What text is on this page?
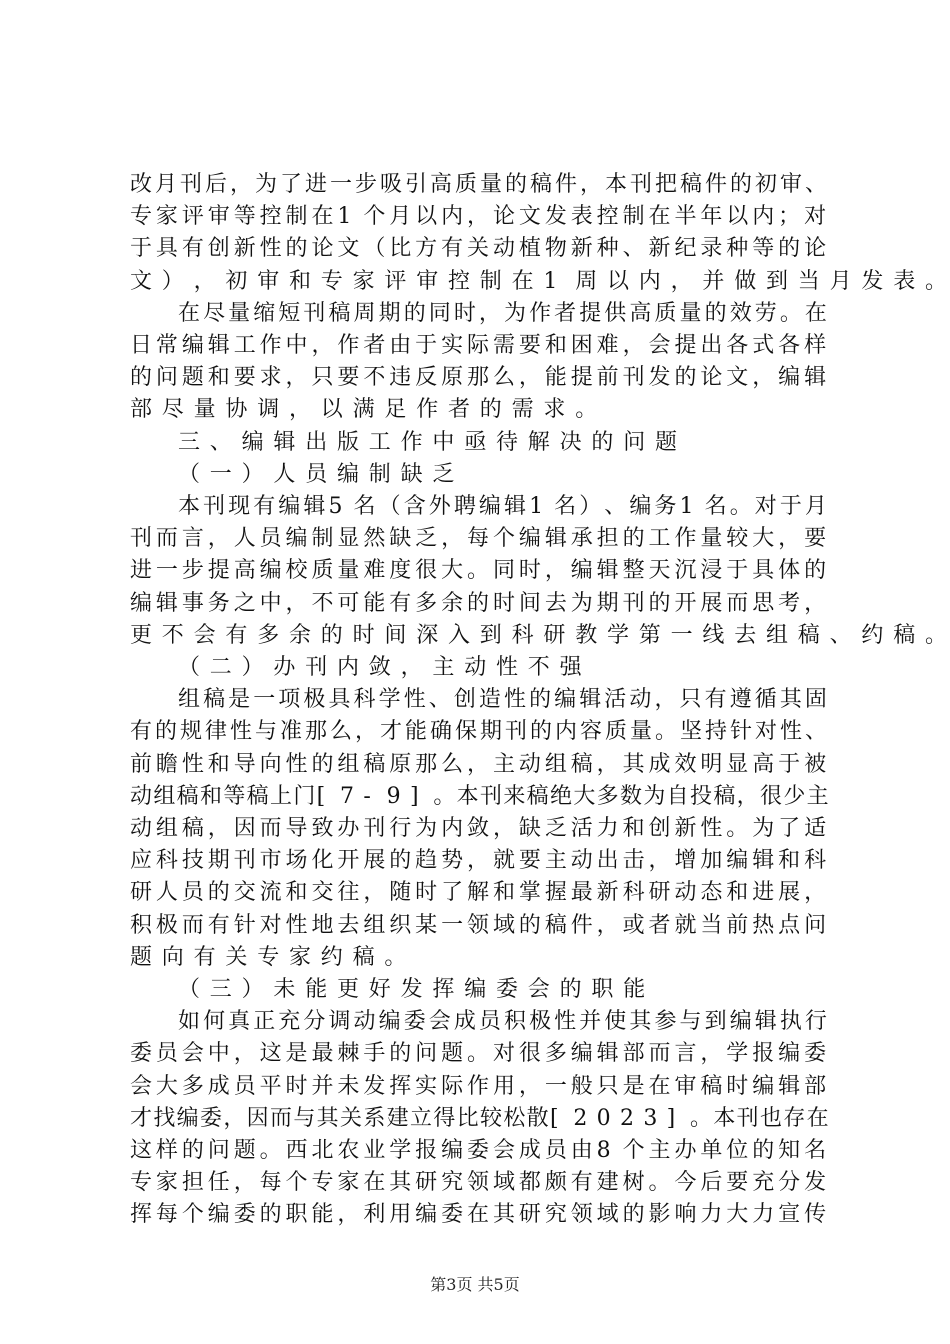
改 月 刊 后 ， 为 了 进 一 步 吸 引 高 质 量 的 稿 件 ， 本 刊 把 稿 件 的 初 审 、
专 家 评 审 等 控 制 在 1 个 月 以 内 ， 论 文 发 表 控 制 在 半 年 以 内 ； 对
于 具 有 创 新 性 的 论 文 （ 比 方 有 关 动 植 物 新 种 、 新 纪 录 种 等 的 论
文 ） ， 初 审 和 专 家 评 审 控 制 在 1 周 以 内 ， 并 做 到 当 月 发 表 。
在 尽 量 缩 短 刊 稿 周 期 的 同 时 ， 为 作 者 提 供 高 质 量 的 效 劳 。 在
日 常 编 辑 工 作 中 ， 作 者 由 于 实 际 需 要 和 困 难 ， 会 提 出 各 式 各 样
的 问 题 和 要 求 ， 只 要 不 违 反 原 那 么 ， 能 提 前 刊 发 的 论 文 ， 编 辑
部 尽 量 协 调 ， 以 满 足 作 者 的 需 求 。
三 、 编 辑 出 版 工 作 中 亟 待 解 决 的 问 题
（ 一 ） 人 员 编 制 缺 乏
本 刊 现 有 编 辑 5 名 （ 含 外 聘 编 辑 1 名 ） 、 编 务 1 名 。 对 于 月
刊 而 言 ， 人 员 编 制 显 然 缺 乏 ， 每 个 编 辑 承 担 的 工 作 量 较 大 ， 要
进 一 步 提 高 编 校 质 量 难 度 很 大 。 同 时 ， 编 辑 整 天 沉 浸 于 具 体 的
编 辑 事 务 之 中 ， 不 可 能 有 多 余 的 时 间 去 为 期 刊 的 开 展 而 思 考 ，
更 不 会 有 多 余 的 时 间 深 入 到 科 研 教 学 第 一 线 去 组 稿 、 约 稿 。
（ 二 ） 办 刊 内 敛 ， 主 动 性 不 强
组 稿 是 一 项 极 具 科 学 性 、 创 造 性 的 编 辑 活 动 ， 只 有 遵 循 其 固
有 的 规 律 性 与 准 那 么 ， 才 能 确 保 期 刊 的 内 容 质 量 。 坚 持 针 对 性 、
前 瞻 性 和 导 向 性 的 组 稿 原 那 么 ， 主 动 组 稿 ， 其 成 效 明 显 高 于 被
动 组 稿 和 等 稿 上 门 [ 7 - 9 ] 。 本 刊 来 稿 绝 大 多 数 为 自 投 稿 ， 很 少 主
动 组 稿 ， 因 而 导 致 办 刊 行 为 内 敛 ， 缺 乏 活 力 和 创 新 性 。 为 了 适
应 科 技 期 刊 市 场 化 开 展 的 趋 势 ， 就 要 主 动 出 击 ， 增 加 编 辑 和 科
研 人 员 的 交 流 和 交 往 ， 随 时 了 解 和 掌 握 最 新 科 研 动 态 和 进 展 ，
积 极 而 有 针 对 性 地 去 组 织 某 一 领 域 的 稿 件 ， 或 者 就 当 前 热 点 问
题 向 有 关 专 家 约 稿 。
（ 三 ） 未 能 更 好 发 挥 编 委 会 的 职 能
如 何 真 正 充 分 调 动 编 委 会 成 员 积 极 性 并 使 其 参 与 到 编 辑 执 行
委 员 会 中 ， 这 是 最 棘 手 的 问 题 。 对 很 多 编 辑 部 而 言 ， 学 报 编 委
会 大 多 成 员 平 时 并 未 发 挥 实 际 作 用 ， 一 般 只 是 在 审 稿 时 编 辑 部
才 找 编 委 ， 因 而 与 其 关 系 建 立 得 比 较 松 散 [ 2 0 2 3 ] 。 本 刊 也 存 在
这 样 的 问 题 。 西 北 农 业 学 报 编 委 会 成 员 由 8 个 主 办 单 位 的 知 名
专 家 担 任 ， 每 个 专 家 在 其 研 究 领 域 都 颇 有 建 树 。 今 后 要 充 分 发
挥 每 个 编 委 的 职 能 ， 利 用 编 委 在 其 研 究 领 域 的 影 响 力 大 力 宣 传
第3页 共5页
